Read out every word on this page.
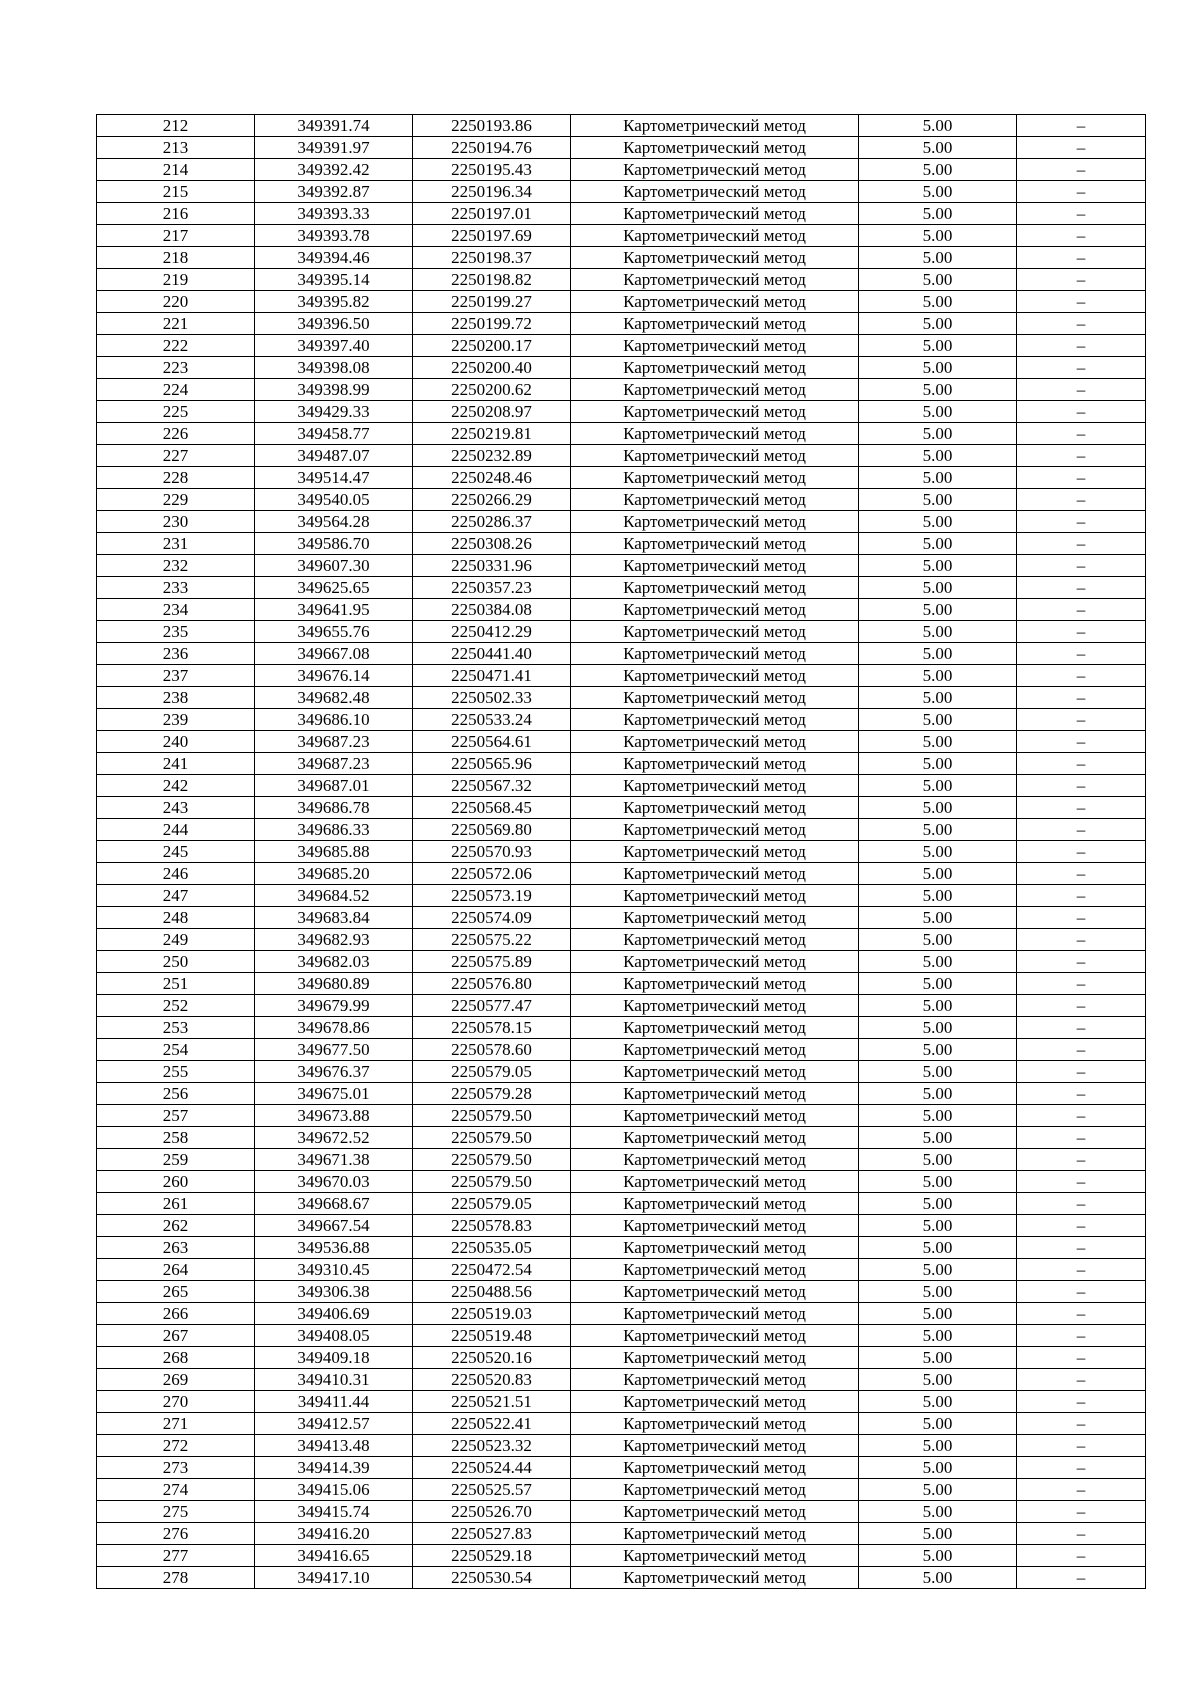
212	349391.74	2250193.86	Картометрический метод	5.00	–
213	349391.97	2250194.76	Картометрический метод	5.00	–
214	349392.42	2250195.43	Картометрический метод	5.00	–
215	349392.87	2250196.34	Картометрический метод	5.00	–
216	349393.33	2250197.01	Картометрический метод	5.00	–
217	349393.78	2250197.69	Картометрический метод	5.00	–
218	349394.46	2250198.37	Картометрический метод	5.00	–
219	349395.14	2250198.82	Картометрический метод	5.00	–
220	349395.82	2250199.27	Картометрический метод	5.00	–
221	349396.50	2250199.72	Картометрический метод	5.00	–
222	349397.40	2250200.17	Картометрический метод	5.00	–
223	349398.08	2250200.40	Картометрический метод	5.00	–
224	349398.99	2250200.62	Картометрический метод	5.00	–
225	349429.33	2250208.97	Картометрический метод	5.00	–
226	349458.77	2250219.81	Картометрический метод	5.00	–
227	349487.07	2250232.89	Картометрический метод	5.00	–
228	349514.47	2250248.46	Картометрический метод	5.00	–
229	349540.05	2250266.29	Картометрический метод	5.00	–
230	349564.28	2250286.37	Картометрический метод	5.00	–
231	349586.70	2250308.26	Картометрический метод	5.00	–
232	349607.30	2250331.96	Картометрический метод	5.00	–
233	349625.65	2250357.23	Картометрический метод	5.00	–
234	349641.95	2250384.08	Картометрический метод	5.00	–
235	349655.76	2250412.29	Картометрический метод	5.00	–
236	349667.08	2250441.40	Картометрический метод	5.00	–
237	349676.14	2250471.41	Картометрический метод	5.00	–
238	349682.48	2250502.33	Картометрический метод	5.00	–
239	349686.10	2250533.24	Картометрический метод	5.00	–
240	349687.23	2250564.61	Картометрический метод	5.00	–
241	349687.23	2250565.96	Картометрический метод	5.00	–
242	349687.01	2250567.32	Картометрический метод	5.00	–
243	349686.78	2250568.45	Картометрический метод	5.00	–
244	349686.33	2250569.80	Картометрический метод	5.00	–
245	349685.88	2250570.93	Картометрический метод	5.00	–
246	349685.20	2250572.06	Картометрический метод	5.00	–
247	349684.52	2250573.19	Картометрический метод	5.00	–
248	349683.84	2250574.09	Картометрический метод	5.00	–
249	349682.93	2250575.22	Картометрический метод	5.00	–
250	349682.03	2250575.89	Картометрический метод	5.00	–
251	349680.89	2250576.80	Картометрический метод	5.00	–
252	349679.99	2250577.47	Картометрический метод	5.00	–
253	349678.86	2250578.15	Картометрический метод	5.00	–
254	349677.50	2250578.60	Картометрический метод	5.00	–
255	349676.37	2250579.05	Картометрический метод	5.00	–
256	349675.01	2250579.28	Картометрический метод	5.00	–
257	349673.88	2250579.50	Картометрический метод	5.00	–
258	349672.52	2250579.50	Картометрический метод	5.00	–
259	349671.38	2250579.50	Картометрический метод	5.00	–
260	349670.03	2250579.50	Картометрический метод	5.00	–
261	349668.67	2250579.05	Картометрический метод	5.00	–
262	349667.54	2250578.83	Картометрический метод	5.00	–
263	349536.88	2250535.05	Картометрический метод	5.00	–
264	349310.45	2250472.54	Картометрический метод	5.00	–
265	349306.38	2250488.56	Картометрический метод	5.00	–
266	349406.69	2250519.03	Картометрический метод	5.00	–
267	349408.05	2250519.48	Картометрический метод	5.00	–
268	349409.18	2250520.16	Картометрический метод	5.00	–
269	349410.31	2250520.83	Картометрический метод	5.00	–
270	349411.44	2250521.51	Картометрический метод	5.00	–
271	349412.57	2250522.41	Картометрический метод	5.00	–
272	349413.48	2250523.32	Картометрический метод	5.00	–
273	349414.39	2250524.44	Картометрический метод	5.00	–
274	349415.06	2250525.57	Картометрический метод	5.00	–
275	349415.74	2250526.70	Картометрический метод	5.00	–
276	349416.20	2250527.83	Картометрический метод	5.00	–
277	349416.65	2250529.18	Картометрический метод	5.00	–
278	349417.10	2250530.54	Картометрический метод	5.00	–
